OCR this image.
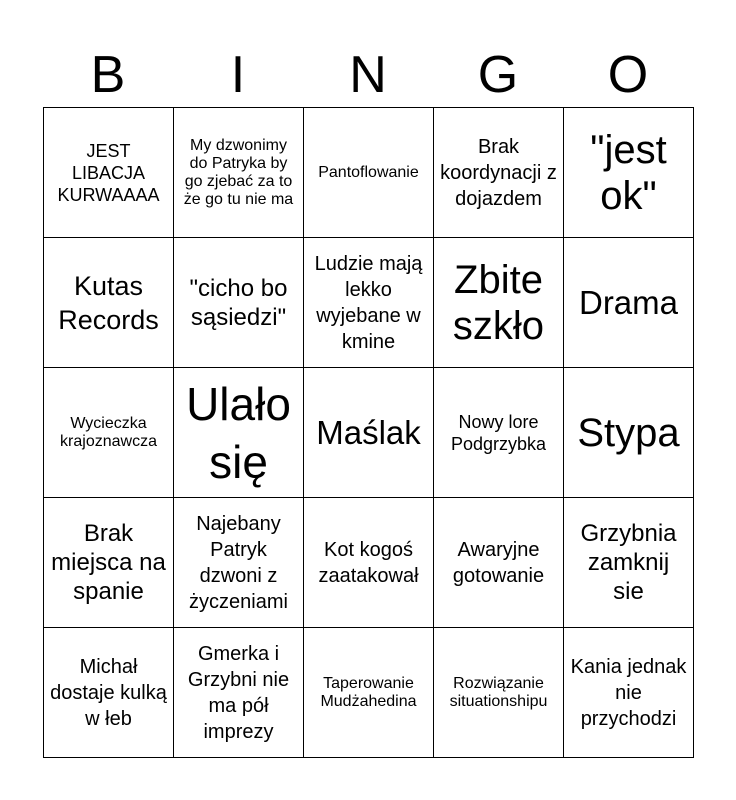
B	I	N	G	O
JEST LIBACJA KURWAAAA	My dzwonimy do Patryka by go zjebać za to że go tu nie ma	Pantoflowanie	Brak koordynacji z dojazdem	"jest ok"
Kutas Records	"cicho bo sąsiedzi"	Ludzie mają lekko wyjebane w kmine	Zbite szkło	Drama
Wycieczka krajoznawcza	Ulało się	Maślak	Nowy lore Podgrzybka	Stypa
Brak miejsca na spanie	Najebany Patryk dzwoni z życzeniami	Kot kogoś zaatakował	Awaryjne gotowanie	Grzybnia zamknij sie
Michał dostaje kulką w łeb	Gmerka i Grzybni nie ma pół imprezy	Taperowanie Mudżahedina	Rozwiązanie situationshipu	Kania jednak nie przychodzi
